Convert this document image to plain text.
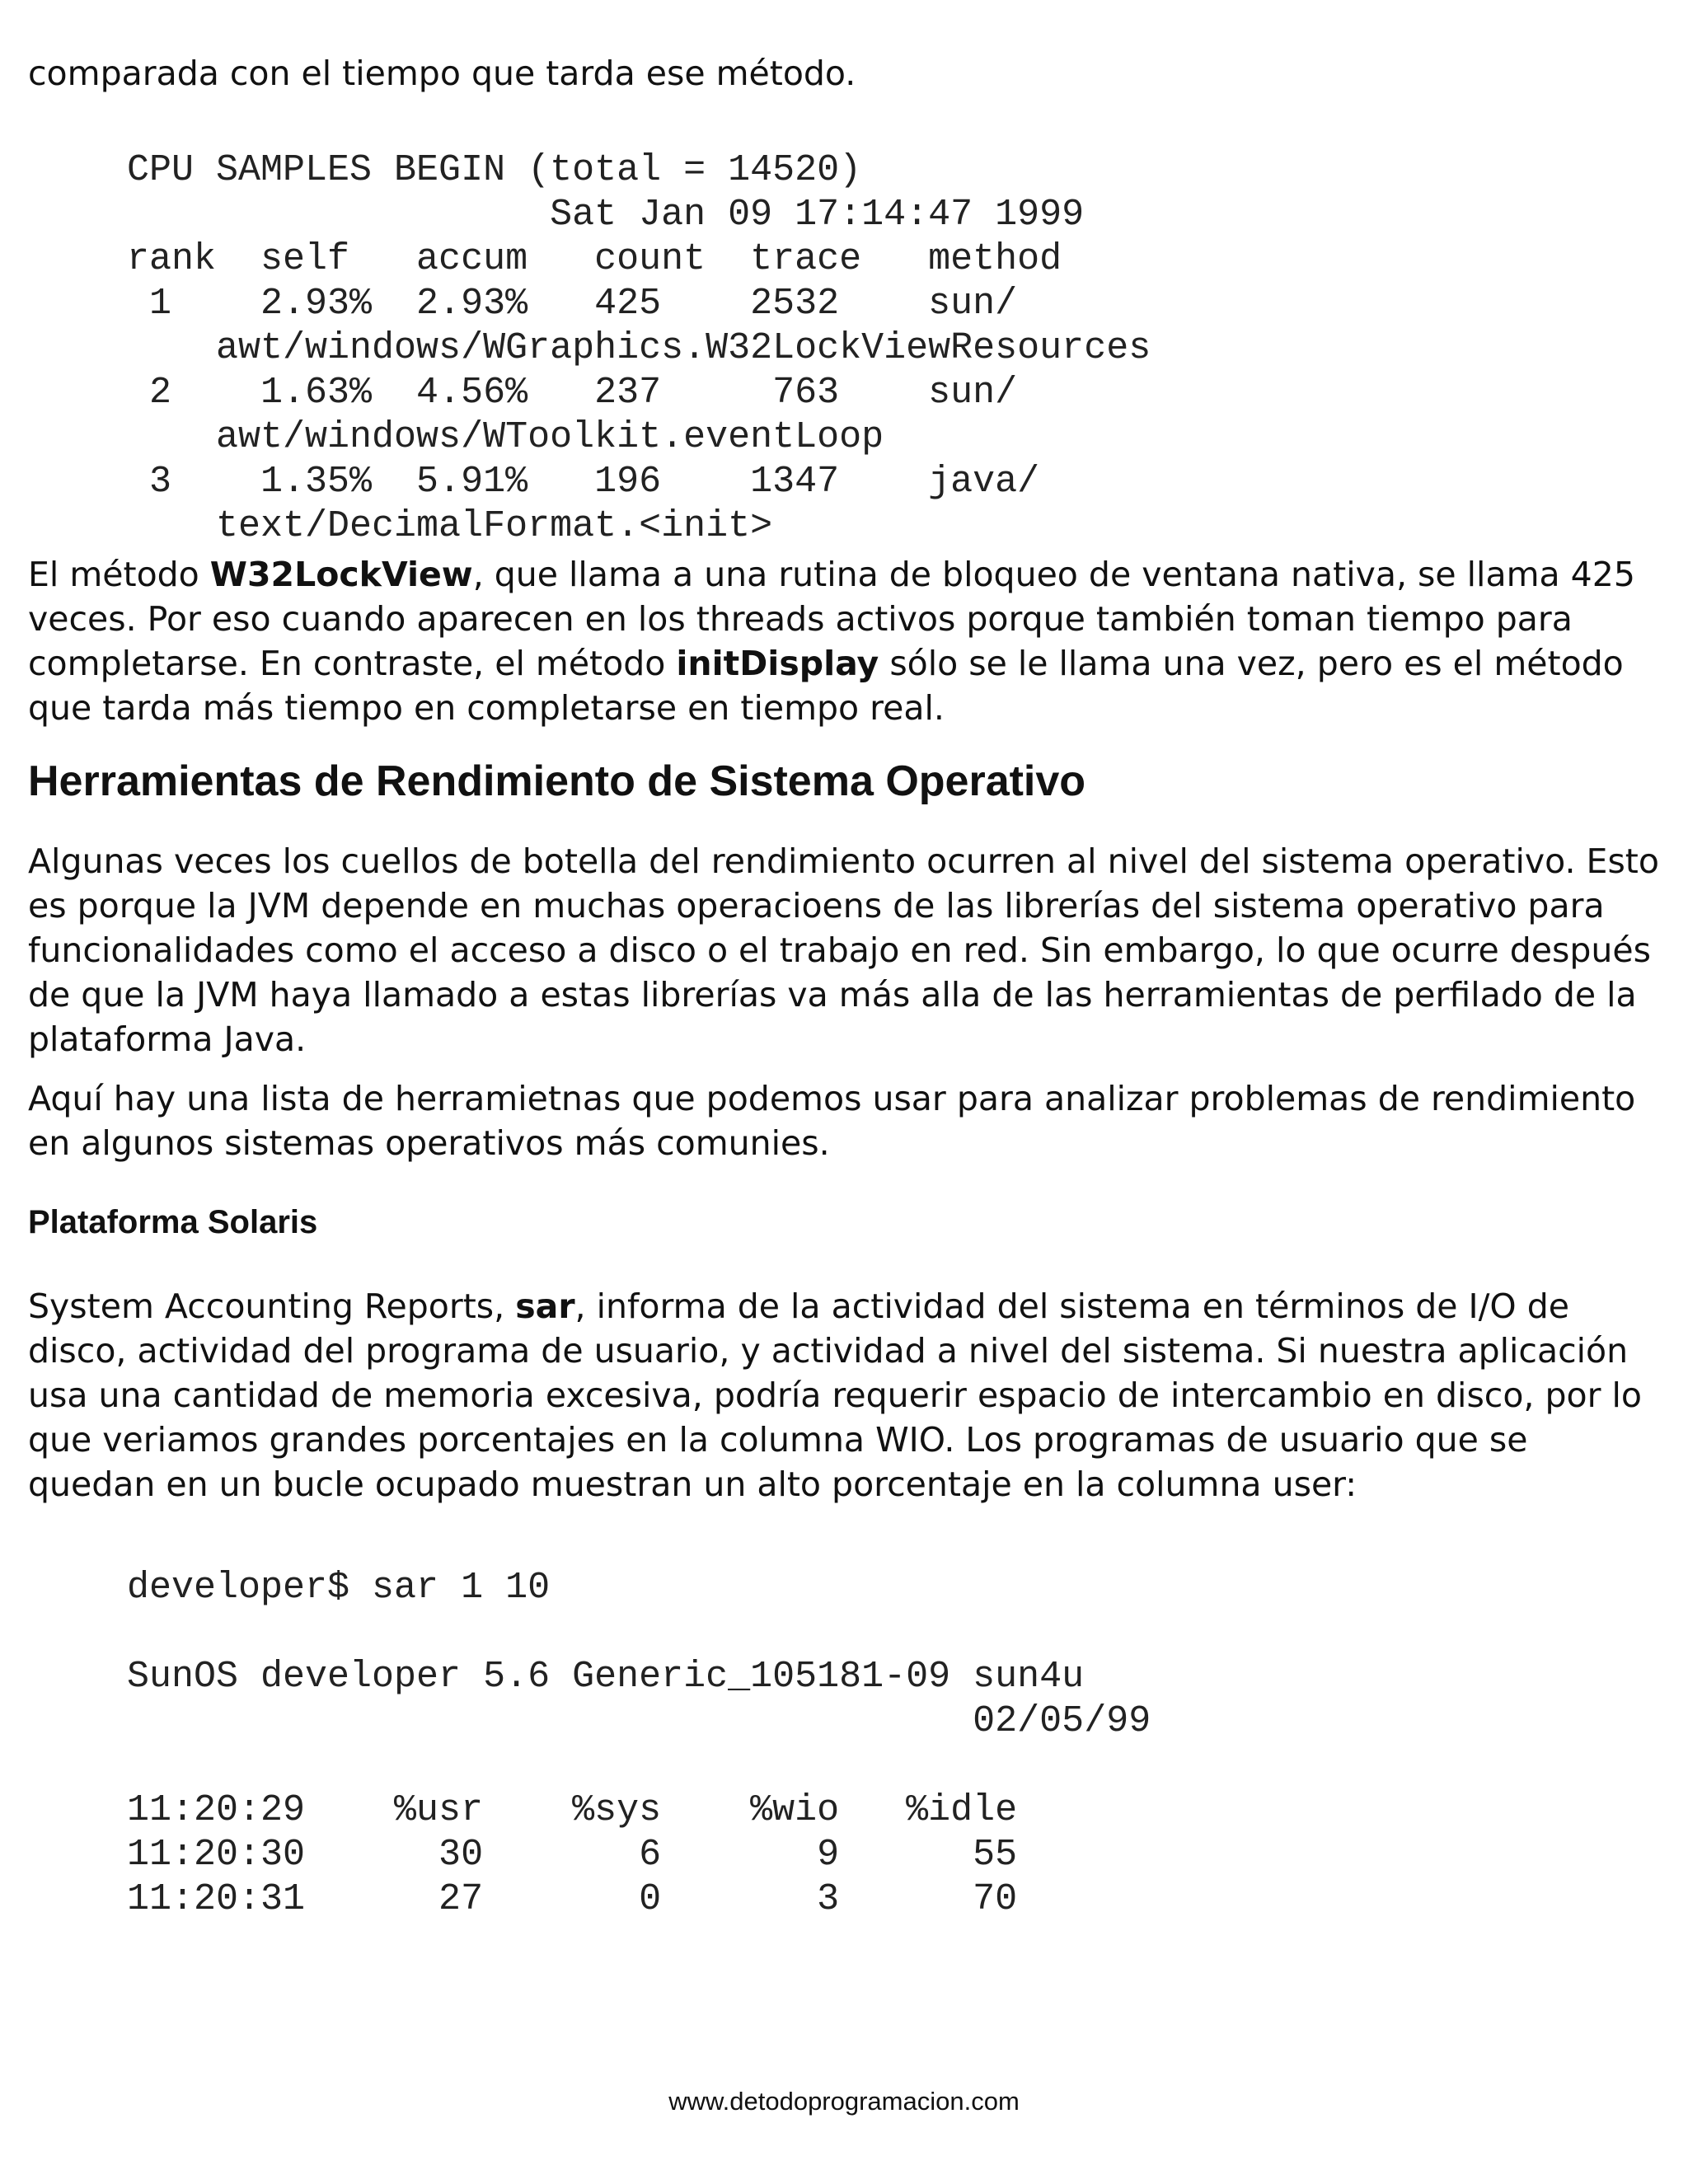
comparada con el tiempo que tarda ese método.

CPU SAMPLES BEGIN (total = 14520)
Sat Jan 09 17:14:47 1999
rank  self   accum   count  trace   method
1    2.93%  2.93%   425    2532    sun/
awt/windows/WGraphics.W32LockViewResources
2    1.63%  4.56%   237     763    sun/
awt/windows/WToolkit.eventLoop
3    1.35%  5.91%   196    1347    java/
text/DecimalFormat.<init>

El método W32LockView, que llama a una rutina de bloqueo de ventana nativa, se llama 425 veces. Por eso cuando aparecen en los threads activos porque también toman tiempo para completarse. En contraste, el método initDisplay sólo se le llama una vez, pero es el método que tarda más tiempo en completarse en tiempo real.

Herramientas de Rendimiento de Sistema Operativo

Algunas veces los cuellos de botella del rendimiento ocurren al nivel del sistema operativo. Esto es porque la JVM depende en muchas operacioens de las librerías del sistema operativo para funcionalidades como el acceso a disco o el trabajo en red. Sin embargo, lo que ocurre después de que la JVM haya llamado a estas librerías va más alla de las herramientas de perfilado de la plataforma Java.

Aquí hay una lista de herramietnas que podemos usar para analizar problemas de rendimiento en algunos sistemas operativos más comunies.

Plataforma Solaris

System Accounting Reports, sar, informa de la actividad del sistema en términos de I/O de disco, actividad del programa de usuario, y actividad a nivel del sistema. Si nuestra aplicación usa una cantidad de memoria excesiva, podría requerir espacio de intercambio en disco, por lo que veriamos grandes porcentajes en la columna WIO. Los programas de usuario que se quedan en un bucle ocupado muestran un alto porcentaje en la columna user:

developer$ sar 1 10

SunOS developer 5.6 Generic_105181-09 sun4u
02/05/99

11:20:29    %usr    %sys    %wio   %idle
11:20:30      30       6       9      55
11:20:31      27       0       3      70
www.detodoprogramacion.com
